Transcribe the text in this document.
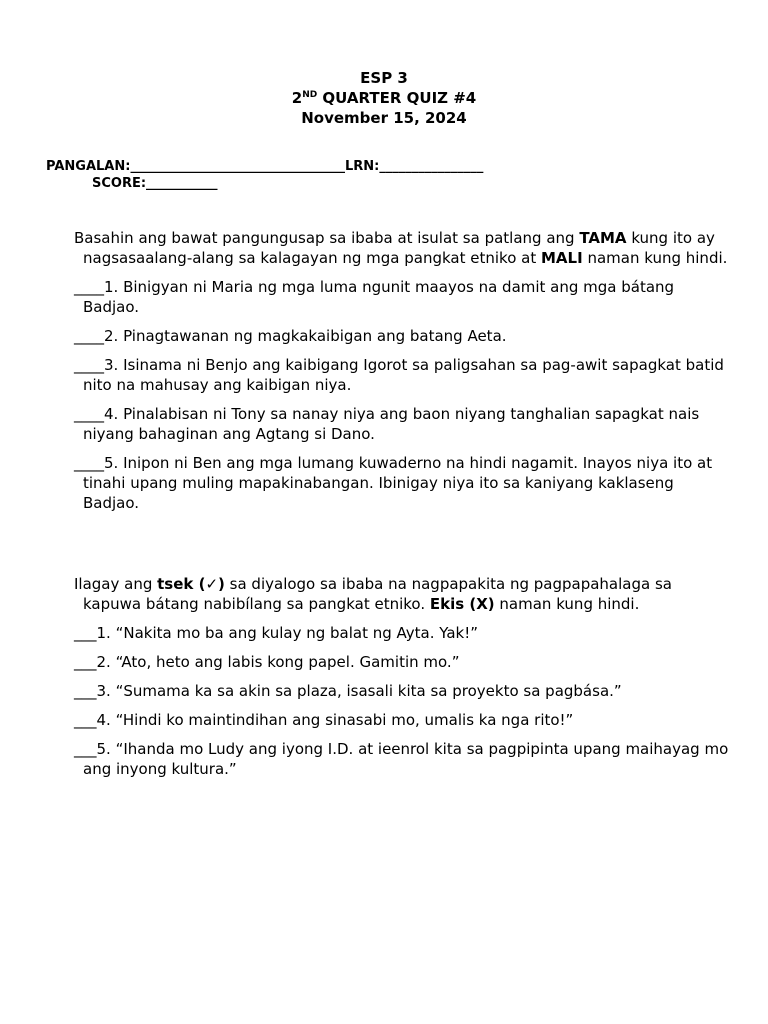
ESP 3
2ND QUARTER QUIZ #4
November 15, 2024
PANGALAN:_________________________________LRN:________________
SCORE:___________
Basahin ang bawat pangungusap sa ibaba at isulat sa patlang ang TAMA kung ito ay nagsasaalang-alang sa kalagayan ng mga pangkat etniko at MALI naman kung hindi.
____1. Binigyan ni Maria ng mga luma ngunit maayos na damit ang mga bátang Badjao.
____2. Pinagtawanan ng magkakaibigan ang batang Aeta.
____3. Isinama ni Benjo ang kaibigang Igorot sa paligsahan sa pag-awit sapagkat batid nito na mahusay ang kaibigan niya.
____4. Pinalabisan ni Tony sa nanay niya ang baon niyang tanghalian sapagkat nais niyang bahaginan ang Agtang si Dano.
____5. Inipon ni Ben ang mga lumang kuwaderno na hindi nagamit. Inayos niya ito at tinahi upang muling mapakinabangan. Ibinigay niya ito sa kaniyang kaklaseng Badjao.
Ilagay ang tsek (✓) sa diyalogo sa ibaba na nagpapakita ng pagpapahalaga sa kapuwa bátang nabibílang sa pangkat etniko. Ekis (X) naman kung hindi.
___1. “Nakita mo ba ang kulay ng balat ng Ayta. Yak!”
___2. “Ato, heto ang labis kong papel. Gamitin mo.”
___3. “Sumama ka sa akin sa plaza, isasali kita sa proyekto sa pagbása.”
___4. “Hindi ko maintindihan ang sinasabi mo, umalis ka nga rito!”
___5. “Ihanda mo Ludy ang iyong I.D. at ieenrol kita sa pagpipinta upang maihayag mo ang inyong kultura.”
